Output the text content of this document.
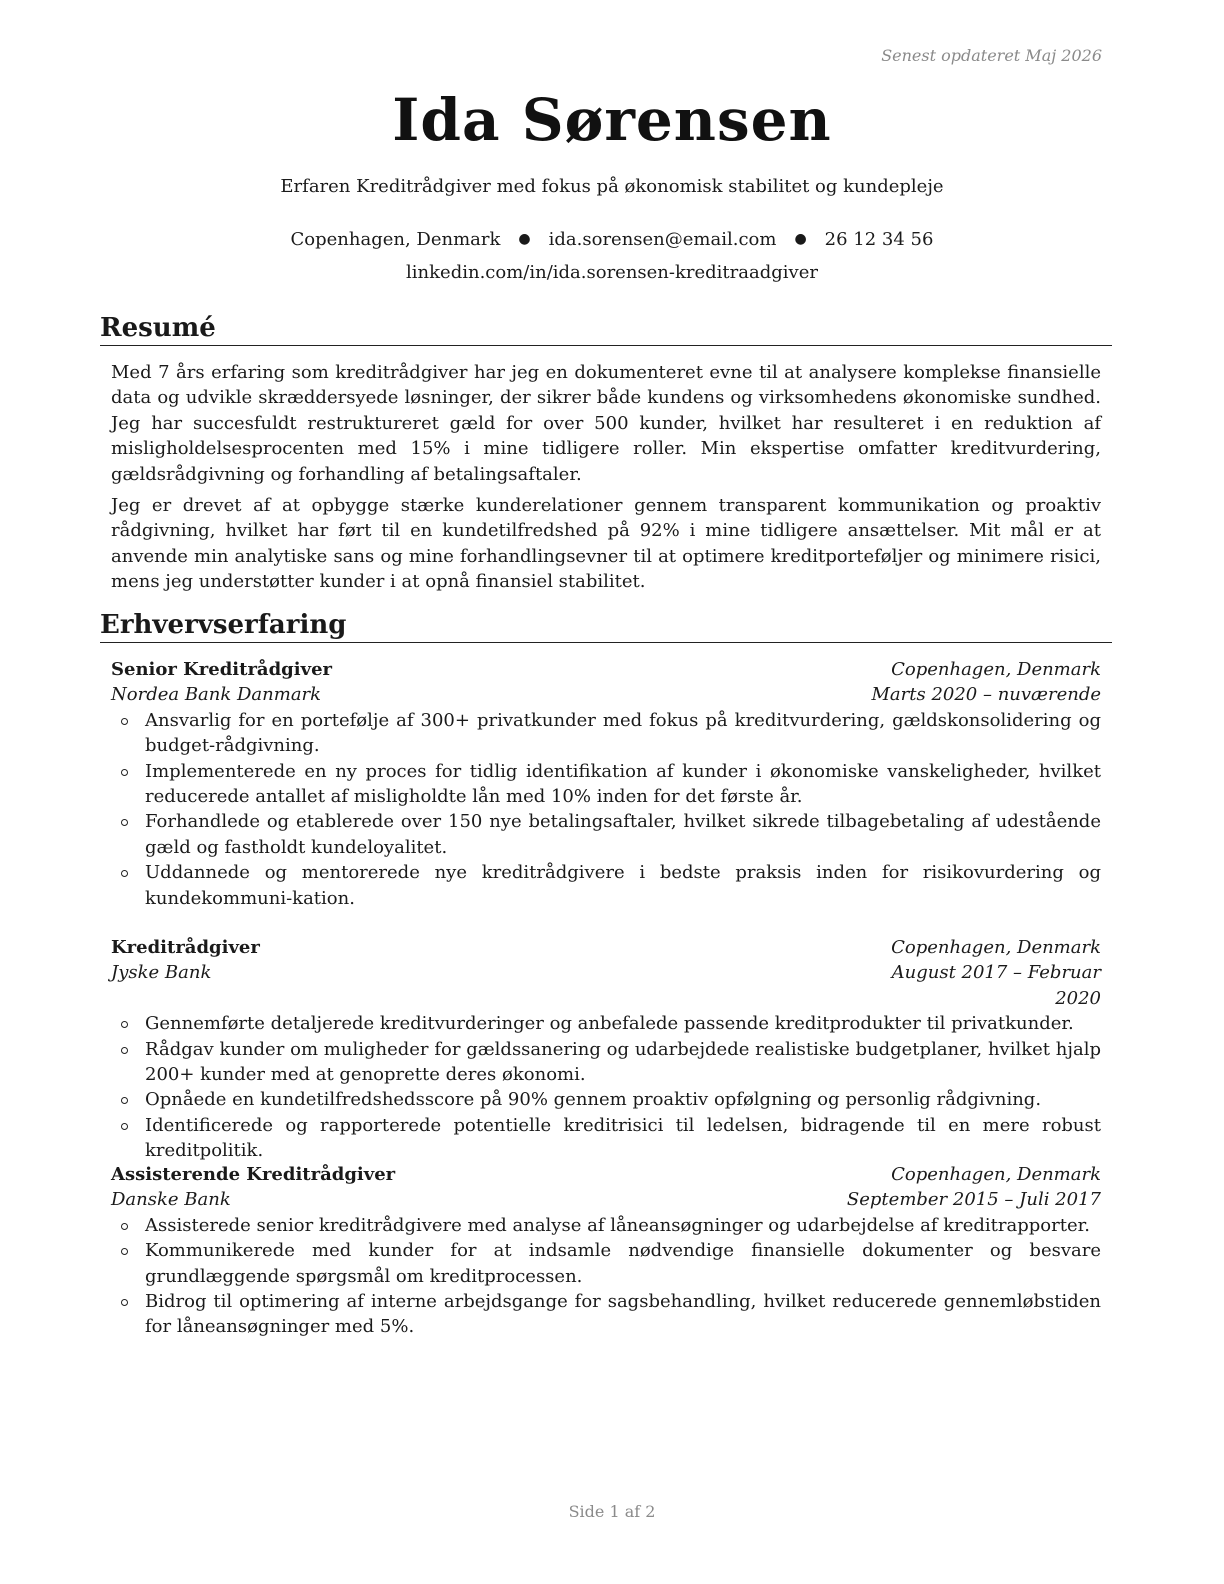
Senest opdateret Maj 2026
Ida Sørensen
Erfaren Kreditrådgiver med fokus på økonomisk stabilitet og kundepleje
Copenhagen, Denmark ● ida.sorensen@email.com ● 26 12 34 56
linkedin.com/in/ida.sorensen-kreditraadgiver
Resumé

Med 7 års erfaring som kreditrådgiver har jeg en dokumenteret evne til at analysere komplekse finansielle data og udvikle skræddersyede løsninger, der sikrer både kundens og virksomhedens økonomiske sundhed. Jeg har succesfuldt restruktureret gæld for over 500 kunder, hvilket har resulteret i en reduktion af misligholdelsesprocenten med 15% i mine tidligere roller. Min ekspertise omfatter kreditvurdering, gældsrådgivning og forhandling af betalingsaftaler.

Jeg er drevet af at opbygge stærke kunderelationer gennem transparent kommunikation og proaktiv rådgivning, hvilket har ført til en kundetilfredshed på 92% i mine tidligere ansættelser. Mit mål er at anvende min analytiske sans og mine forhandlingsevner til at optimere kreditporteføljer og minimere risici, mens jeg understøtter kunder i at opnå finansiel stabilitet.

Erhvervserfaring
Senior Kreditrådgiver	Copenhagen, Denmark
Nordea Bank Danmark	Marts 2020 – nuværende
Ansvarlig for en portefølje af 300+ privatkunder med fokus på kreditvurdering, gældskonsolidering og budget-rådgivning.
Implementerede en ny proces for tidlig identifikation af kunder i økonomiske vanskeligheder, hvilket reducerede antallet af misligholdte lån med 10% inden for det første år.
Forhandlede og etablerede over 150 nye betalingsaftaler, hvilket sikrede tilbagebetaling af udestående gæld og fastholdt kundeloyalitet.
Uddannede og mentorerede nye kreditrådgivere i bedste praksis inden for risikovurdering og kundekommuni-kation.
Kreditrådgiver	Copenhagen, Denmark
Jyske Bank	August 2017 – Februar 2020
Gennemførte detaljerede kreditvurderinger og anbefalede passende kreditprodukter til privatkunder.
Rådgav kunder om muligheder for gældssanering og udarbejdede realistiske budgetplaner, hvilket hjalp 200+ kunder med at genoprette deres økonomi.
Opnåede en kundetilfredshedsscore på 90% gennem proaktiv opfølgning og personlig rådgivning.
Identificerede og rapporterede potentielle kreditrisici til ledelsen, bidragende til en mere robust kreditpolitik.
Assisterende Kreditrådgiver	Copenhagen, Denmark
Danske Bank	September 2015 – Juli 2017
Assisterede senior kreditrådgivere med analyse af låneansøgninger og udarbejdelse af kreditrapporter.
Kommunikerede med kunder for at indsamle nødvendige finansielle dokumenter og besvare grundlæggende spørgsmål om kreditprocessen.
Bidrog til optimering af interne arbejdsgange for sagsbehandling, hvilket reducerede gennemløbstiden for låneansøgninger med 5%.
Side 1 af 2
